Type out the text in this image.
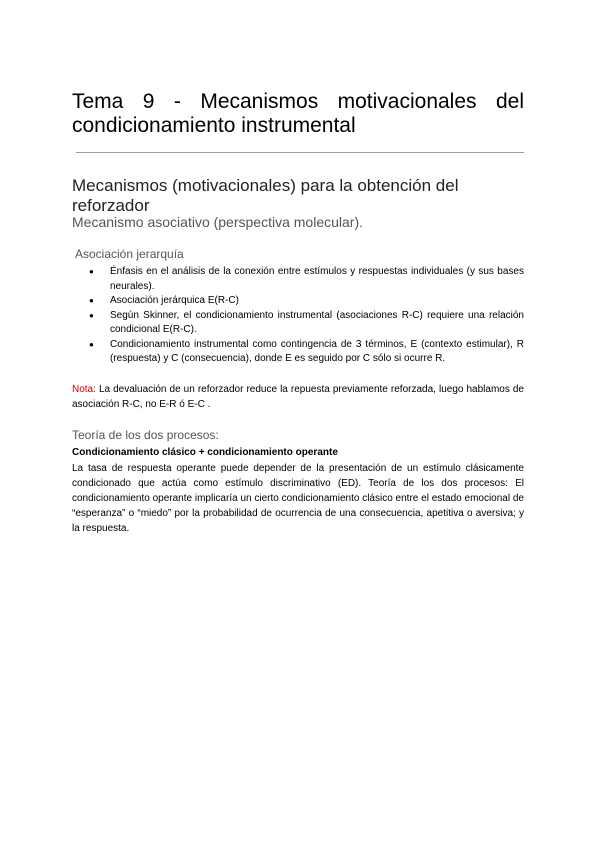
Tema 9 - Mecanismos motivacionales del condicionamiento instrumental
Mecanismos (motivacionales) para la obtención del reforzador
Mecanismo asociativo (perspectiva molecular).
Asociación jerarquía
● Énfasis en el análisis de la conexión entre estímulos y respuestas individuales (y sus bases neurales).
● Asociación jerárquica E(R-C)
● Según Skinner, el condicionamiento instrumental (asociaciones R-C) requiere una relación condicional E(R-C).
● Condicionamiento instrumental como contingencia de 3 términos, E (contexto estimular), R (respuesta) y C (consecuencia), donde E es seguido por C sólo si ocurre R.

Nota: La devaluación de un reforzador reduce la repuesta previamente reforzada, luego hablamos de asociación R-C, no E-R ó E-C .

Teoría de los dos procesos:

Condicionamiento clásico + condicionamiento operante

La tasa de respuesta operante puede depender de la presentación de un estímulo clásicamente condicionado que actúa como estímulo discriminativo (ED). Teoría de los dos procesos: El condicionamiento operante implicaría un cierto condicionamiento clásico entre el estado emocional de “esperanza” o “miedo” por la probabilidad de ocurrencia de una consecuencia, apetitiva o aversiva; y la respuesta.
